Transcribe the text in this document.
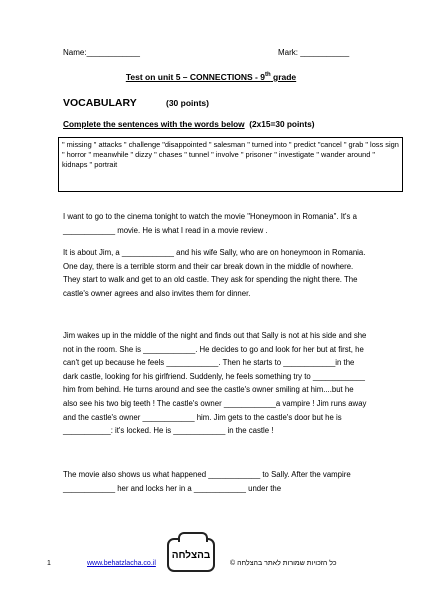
Name:____________	Mark: ___________
Test on unit 5 – CONNECTIONS - 9th grade
VOCABULARY	(30 points)
Complete the sentences with the words below (2x15=30 points)
" missing " attacks " challenge "disappointed " salesman " turned into " predict "cancel " grab " loss sign " horror " meanwhile " dizzy " chases " tunnel " involve " prisoner " investigate " wander around " kidnaps " portrait
I want to go to the cinema tonight to watch the movie "Honeymoon in Romania". It's a ____________ movie. He is what I read in a movie review .
It is about Jim, a ____________ and his wife Sally, who are on honeymoon in Romania. One day, there is a terrible storm and their car break down in the middle of nowhere. They start to walk and get to an old castle. They ask for spending the night there. The castle's owner agrees and also invites them for dinner.
Jim wakes up in the middle of the night and finds out that Sally is not at his side and she not in the room. She is ____________. He decides to go and look for her but at first, he can't get up because he feels ____________. Then he starts to ____________in the dark castle, looking for his girlfriend. Suddenly, he feels something try to ____________ him from behind. He turns around and see the castle's owner smiling at him....but he also see his two big teeth ! The castle's owner ____________a vampire ! Jim runs away and the castle's owner ____________ him. Jim gets to the castle's door but he is ___________: it's locked. He is ____________ in the castle !
The movie also shows us what happened ____________ to Sally. After the vampire ____________ her and locks her in a ____________ under the
בהצלחה
1	www.behatzlacha.co.il	כל הזכויות שמורות לאתר בהצלחה ©
